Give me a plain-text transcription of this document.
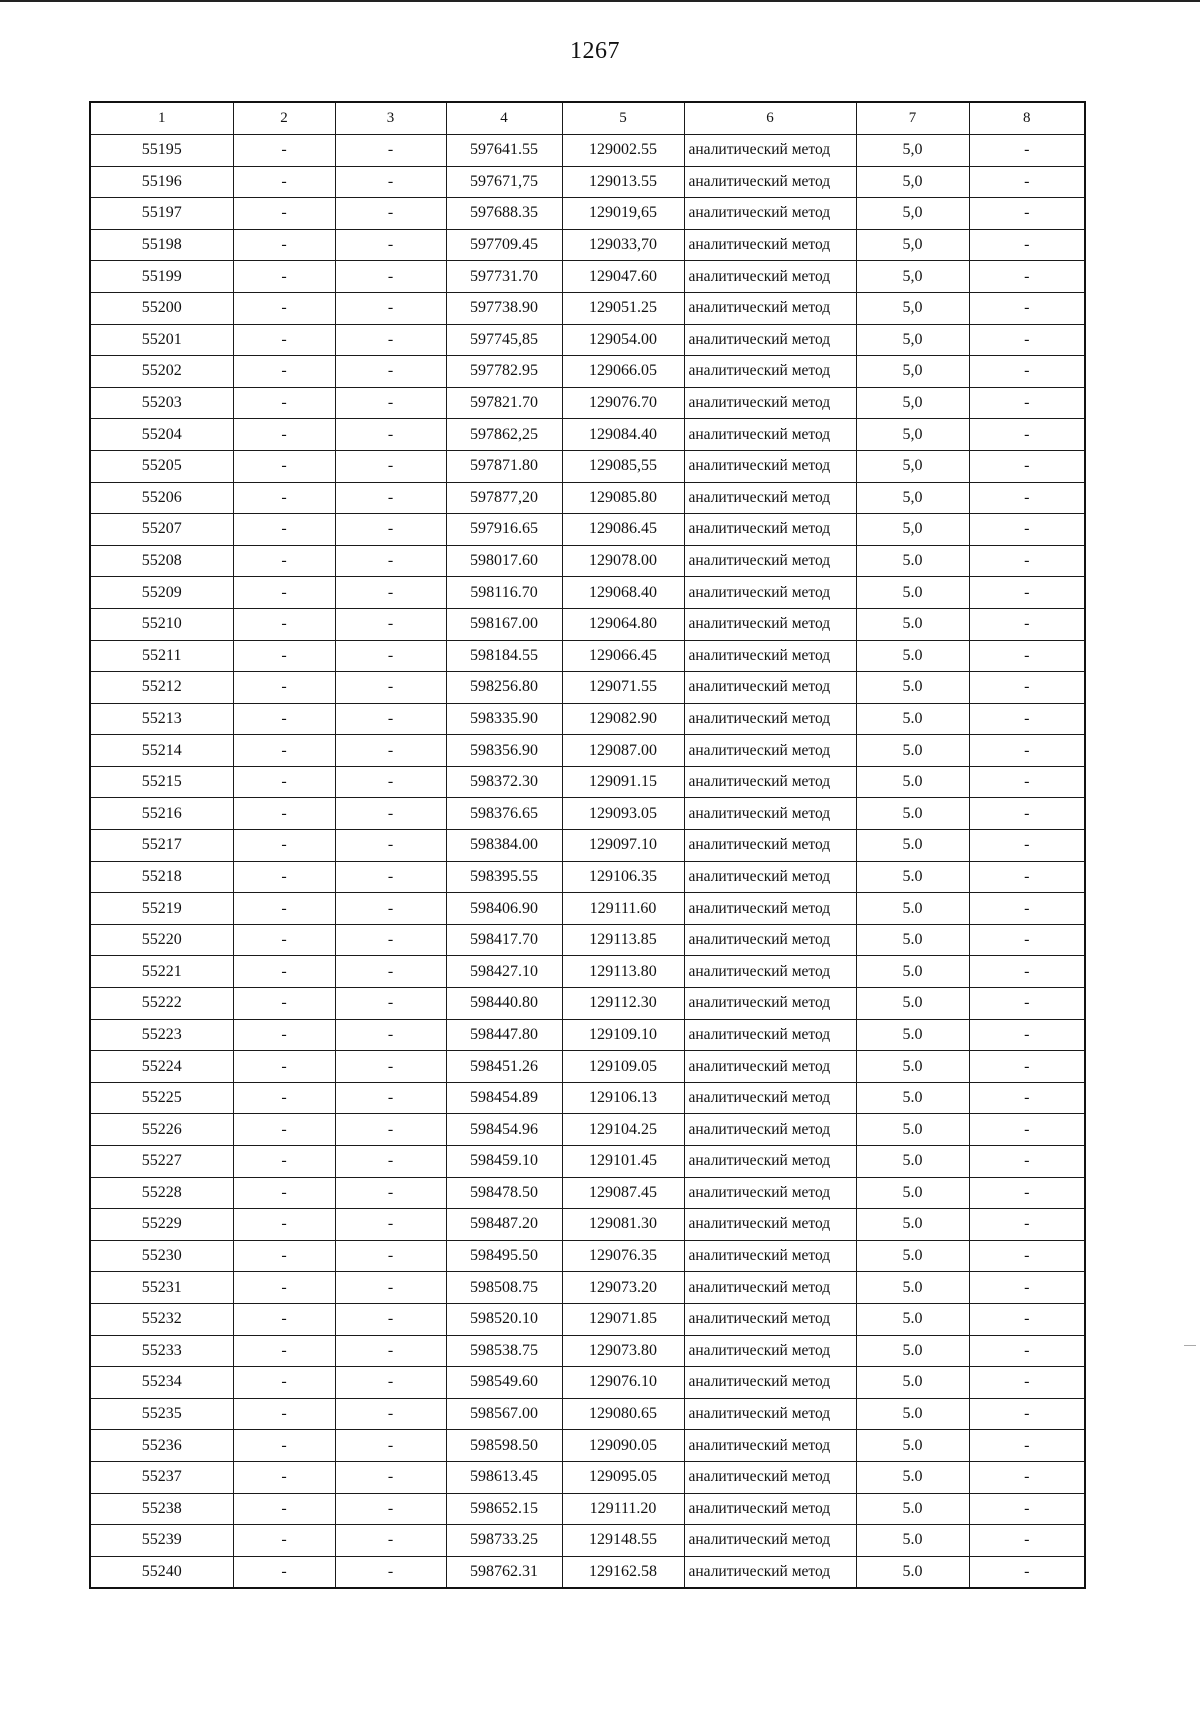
1267
1	2	3	4	5	6	7	8
55195	-	-	597641.55	129002.55	аналитический метод	5,0	-
55196	-	-	597671,75	129013.55	аналитический метод	5,0	-
55197	-	-	597688.35	129019,65	аналитический метод	5,0	-
55198	-	-	597709.45	129033,70	аналитический метод	5,0	-
55199	-	-	597731.70	129047.60	аналитический метод	5,0	-
55200	-	-	597738.90	129051.25	аналитический метод	5,0	-
55201	-	-	597745,85	129054.00	аналитический метод	5,0	-
55202	-	-	597782.95	129066.05	аналитический метод	5,0	-
55203	-	-	597821.70	129076.70	аналитический метод	5,0	-
55204	-	-	597862,25	129084.40	аналитический метод	5,0	-
55205	-	-	597871.80	129085,55	аналитический метод	5,0	-
55206	-	-	597877,20	129085.80	аналитический метод	5,0	-
55207	-	-	597916.65	129086.45	аналитический метод	5,0	-
55208	-	-	598017.60	129078.00	аналитический метод	5.0	-
55209	-	-	598116.70	129068.40	аналитический метод	5.0	-
55210	-	-	598167.00	129064.80	аналитический метод	5.0	-
55211	-	-	598184.55	129066.45	аналитический метод	5.0	-
55212	-	-	598256.80	129071.55	аналитический метод	5.0	-
55213	-	-	598335.90	129082.90	аналитический метод	5.0	-
55214	-	-	598356.90	129087.00	аналитический метод	5.0	-
55215	-	-	598372.30	129091.15	аналитический метод	5.0	-
55216	-	-	598376.65	129093.05	аналитический метод	5.0	-
55217	-	-	598384.00	129097.10	аналитический метод	5.0	-
55218	-	-	598395.55	129106.35	аналитический метод	5.0	-
55219	-	-	598406.90	129111.60	аналитический метод	5.0	-
55220	-	-	598417.70	129113.85	аналитический метод	5.0	-
55221	-	-	598427.10	129113.80	аналитический метод	5.0	-
55222	-	-	598440.80	129112.30	аналитический метод	5.0	-
55223	-	-	598447.80	129109.10	аналитический метод	5.0	-
55224	-	-	598451.26	129109.05	аналитический метод	5.0	-
55225	-	-	598454.89	129106.13	аналитический метод	5.0	-
55226	-	-	598454.96	129104.25	аналитический метод	5.0	-
55227	-	-	598459.10	129101.45	аналитический метод	5.0	-
55228	-	-	598478.50	129087.45	аналитический метод	5.0	-
55229	-	-	598487.20	129081.30	аналитический метод	5.0	-
55230	-	-	598495.50	129076.35	аналитический метод	5.0	-
55231	-	-	598508.75	129073.20	аналитический метод	5.0	-
55232	-	-	598520.10	129071.85	аналитический метод	5.0	-
55233	-	-	598538.75	129073.80	аналитический метод	5.0	-
55234	-	-	598549.60	129076.10	аналитический метод	5.0	-
55235	-	-	598567.00	129080.65	аналитический метод	5.0	-
55236	-	-	598598.50	129090.05	аналитический метод	5.0	-
55237	-	-	598613.45	129095.05	аналитический метод	5.0	-
55238	-	-	598652.15	129111.20	аналитический метод	5.0	-
55239	-	-	598733.25	129148.55	аналитический метод	5.0	-
55240	-	-	598762.31	129162.58	аналитический метод	5.0	-
